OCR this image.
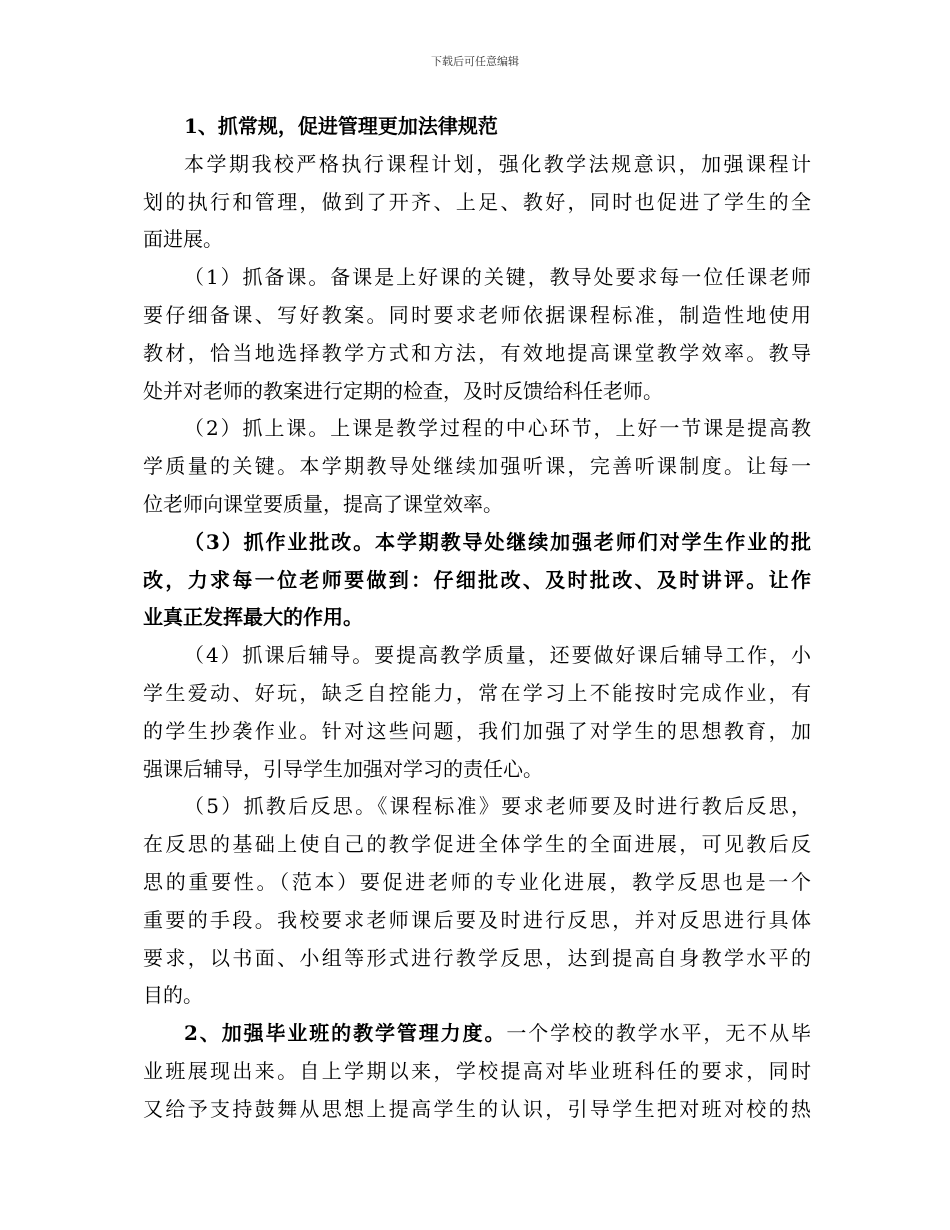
下载后可任意编辑
1、抓常规，促进管理更加法律规范
本学期我校严格执行课程计划，强化教学法规意识，加强课程计
划的执行和管理，做到了开齐、上足、教好，同时也促进了学生的全
面进展。
（1）抓备课。备课是上好课的关键，教导处要求每一位任课老师
要仔细备课、写好教案。同时要求老师依据课程标准，制造性地使用
教材，恰当地选择教学方式和方法，有效地提高课堂教学效率。教导
处并对老师的教案进行定期的检查，及时反馈给科任老师。
（2）抓上课。上课是教学过程的中心环节，上好一节课是提高教
学质量的关键。本学期教导处继续加强听课，完善听课制度。让每一
位老师向课堂要质量，提高了课堂效率。
（3）抓作业批改。本学期教导处继续加强老师们对学生作业的批
改，力求每一位老师要做到：仔细批改、及时批改、及时讲评。让作
业真正发挥最大的作用。
（4）抓课后辅导。要提高教学质量，还要做好课后辅导工作，小
学生爱动、好玩，缺乏自控能力，常在学习上不能按时完成作业，有
的学生抄袭作业。针对这些问题，我们加强了对学生的思想教育，加
强课后辅导，引导学生加强对学习的责任心。
（5）抓教后反思。《课程标准》要求老师要及时进行教后反思，
在反思的基础上使自己的教学促进全体学生的全面进展，可见教后反
思的重要性。（范本）要促进老师的专业化进展，教学反思也是一个
重要的手段。我校要求老师课后要及时进行反思，并对反思进行具体
要求，以书面、小组等形式进行教学反思，达到提高自身教学水平的
目的。
2、加强毕业班的教学管理力度。一个学校的教学水平，无不从毕
业班展现出来。自上学期以来，学校提高对毕业班科任的要求，同时
又给予支持鼓舞从思想上提高学生的认识，引导学生把对班对校的热
